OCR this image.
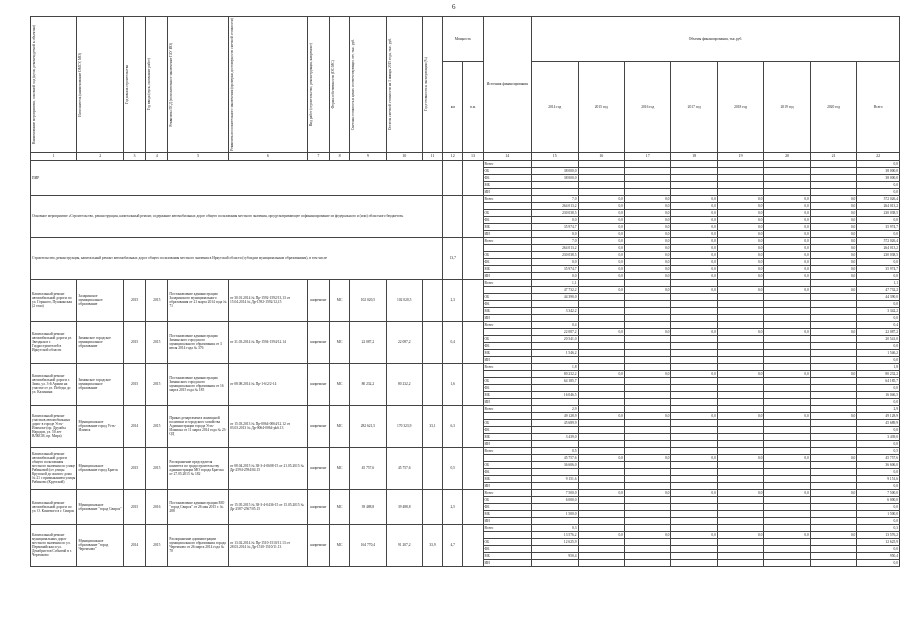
6
Наименование мероприятия, основной ход (цели, рекомендуемой к объектам)	Исполнитель (наименование ОМСУ, МО)	Год начала строительства	Год ввода (пуск, окончание работ)	Реквизиты ПСД (положительное заключение ГАУ ИО)	Реквизиты положительного заключения (проверки достоверности сметной стоимости)	Вид работ (строительство, реконструкция, капремонт)	Форма собственности (ОС/МС)	Сметная стоимость в ценах соответствующих лет, тыс. руб.	Остаток сметной стоимости на 1 января 2015 года, тыс. руб.	Год готовности к эксплуатации (%)	Мощность		Источник финансирования	Объемы финансирования, тыс.руб.							
											км	п.м.		2014 год	2015 год	2016 год	2017 год	2018 год	2019 год	2020 год	Всего
1	2	3	4	5	6	7	8	9	10	11	12	13	14	15	16	17	18	19	20	21	22
ПИР													Всего								0,0
													ОБ	38 000,0							38 000,0
													ФБ	38 000,0							38 000,0
													МБ								0,0
													ИИ								0,0
Основное мероприятие «Строительство, реконструкция, капитальный ремонт, содержание автомобильных дорог общего пользования местного значения, предусматривающее софинансирование из федерального и (или) областного бюджетов»													Всего	7,0	0,0	0,0	0,0	0,0	0,0	0,0	572 026,4
														264 013,2	0,0	0,0	0,0	0,0	0,0	0,0	264 013,2
													ОБ	230 038,5	0,0	0,0	0,0	0,0	0,0	0,0	230 038,5
													ФБ	0,0	0,0	0,0	0,0	0,0	0,0	0,0	0,0
													МБ	35 974,7	0,0	0,0	0,0	0,0	0,0	0,0	35 974,7
													ИИ	0,0	0,0	0,0	0,0	0,0	0,0	0,0	0,0
Строительство, реконструкция, капитальный ремонт автомобильных дорог общего пользования местного значения в Иркутской области (субсидии муниципальным образованиям), в том числе											13,7		Всего	7,0	0,0	0,0	0,0	0,0	0,0	0,0	572 026,4
														264 013,2	0,0	0,0	0,0	0,0	0,0	0,0	264 013,2
													ОБ	230 038,5	0,0	0,0	0,0	0,0	0,0	0,0	230 038,5
													ФБ	0,0	0,0	0,0	0,0	0,0	0,0	0,0	0,0
													МБ	35 974,7	0,0	0,0	0,0	0,0	0,0	0,0	35 974,7
													ИИ	0,0	0,0	0,0	0,0	0,0	0,0	0,0	0,0
Капитальный ремонт автомобильной дороги по ул. Горького, Пушкинская (2 этап)	Заларинское муниципальное образование	2015	2015	Постановление администрации Заларинского муниципального образования от 21 марта 2014 года № 71	от 30.01.2014 № Пр-1592-1592/13,13 от 15.04.2014 № Др-1592-1592/12,15	капремонт	МС	102 020,5	102 020,5		2,3		Всего	1,1							1,1
														47 732,2	0,0	0,0	0,0	0,0	0,0	0,0	47 732,2
													ОБ	44 390,0							44 390,0
													ФБ								0,0
													МБ	3 342,2							3 342,2
													ИИ								0,0
Капитальный ремонт автомобильной дороги ул. Звездная в г. Гидростроителей в Иркутской области	Зиминское городское муниципальное образование	2015	2015	Постановление администрации Зиминского городского муниципального образования от 3 июля 2014 года № 376	от 31.03.2014 № Пр-1594-1594/12.14	капремонт	МС	22 087,2	22 087,2		0,4		Всего	0,4							0,4
														22 087,2	0,0	0,0	0,0	0,0	0,0	0,0	22 087,2
													ОБ	20 541,0							20 541,0
													ФБ								0,0
													МБ	1 546,2							1 546,2
													ИИ								0,0
Капитальный ремонт автомобильной дороги г. Зима, ул. 3-й Армии на участке от ул. Победы до ул. Калинина	Зиминское городское муниципальное образование	2015	2015	Постановление администрации Зиминского городского муниципального образования от 16 марта 2015 года № 185	от 08.08.2014 № Пр-1-6/2/2-14	капремонт	МС	80 232,2	80 232,2		1,6		Всего	1,8							1,8
														80 232,2	0,0	0,0	0,0	0,0	0,0	0,0	80 232,2
													ОБ	64 185,7							64 185,7
													ФБ								0,0
													МБ	16 046,5							16 046,5
													ИИ								0,0
Капитальный ремонт участков автомобильных дорог в городе Усть-Илимске (пр. Дружбы Народов, ул. 50 лет ВЛКСМ, пр. Мира)	Муниципальное образование город Усть-Илимск	2014	2015	Приказ департамента жилищной политики и городского хозяйства Администрации города Усть-Илимска от 11 марта 2014 года № 23-ОД	от 15.03.2013 № Пр-0064-0064/12.12 от 03.03.2013 № Др-0064-0064-pk6.13	капремонт	МС	282 621,5	170 323,9	33,1	6,3		Всего	2,9							2,9
														49 128,9	0,0	0,0	0,0	0,0	0,0	0,0	49 128,9
													ОБ	45 689,9							45 689,9
													ФБ								0,0
													МБ	3 439,0							3 439,0
													ИИ								0,0
Капитальный ремонт автомобильной дороги общего пользования местного значения по улице Рябиновой (от улицы Крупской до жилого дома № 21 с примыканием улицы Рябиново (Крупской)	Муниципальное образование город Братск	2015	2015	Распоряжение председателя комитета по градостроительству администрации МО города Братска от 27.05.2015 № 182	от 08.04.2015 № 38-3-4-0608-15 от 21.05.2015 № Др-2594-2594/04.15	капремонт	МС	45 757,6	45 757,6		0,5		Всего	0,5							0,5
														45 757,6	0,0	0,0	0,0	0,0	0,0	0,0	45 757,6
													ОБ	36 606,0							36 606,0
													ФБ								0,0
													МБ	9 151,6							9 151,6
													ИИ								0,0
Капитальный ремонт автомобильной дороги по ул. О. Кошевого в г. Свирск	Муниципальное образование "город Свирск"	2015	2016	Постановление администрации МО "город Свирск" от 26 мая 2015 г. № 288	от 15.05.2015 № 38-3-4-0436-15 от 15.05.2015 № Др-2587-2567/05.15	капремонт	МС	39 488,8	39 488,8		2,5		Всего	7 500,0	0,0	0,0	0,0	0,0	0,0	0,0	7 500,0
													ОБ	6 000,0							6 000,0
													ФБ								0,0
													МБ	1 500,0							1 500,0
													ИИ								0,0
Капитальный ремонт муниципальных дорог местного значения по ул. Первомайская и ул. Декабристов Событий в г. Черемхово	Муниципальное образование "город Черемхово"	2014	2015	Распоряжение администрации муниципального образования города Черемхово от 26 марта 2014 года № 70	от 13.02.2014 № Пр-1510-1510/11.13 от 28.03.2014 № Др-1510-1510/11.13	капремонт	МС	164 770,4	91 207,2	33,9	4,7		Всего	0,3							0,3
														13 576,2	0,0	0,0	0,0	0,0	0,0	0,0	13 576,2
													ОБ	12 625,9							12 625,9
													ФБ								0,0
													МБ	950,4							950,4
													ИИ								0,0
